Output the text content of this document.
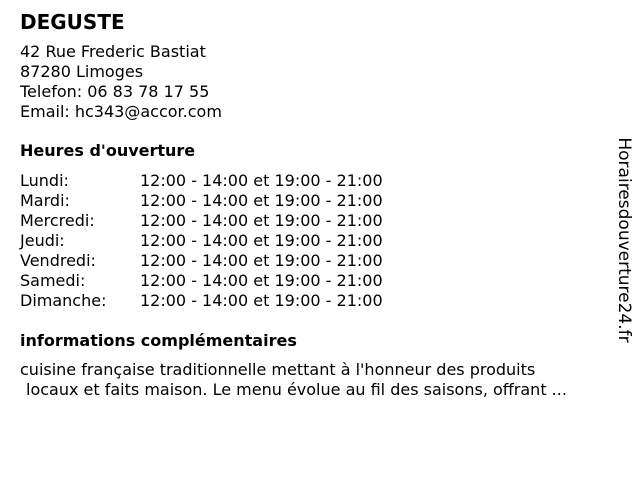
DEGUSTE
42 Rue Frederic Bastiat
87280 Limoges
Telefon: 06 83 78 17 55
Email: hc343@accor.com
Heures d'ouverture
Lundi:	12:00 - 14:00 et 19:00 - 21:00
Mardi:	12:00 - 14:00 et 19:00 - 21:00
Mercredi:	12:00 - 14:00 et 19:00 - 21:00
Jeudi:	12:00 - 14:00 et 19:00 - 21:00
Vendredi:	12:00 - 14:00 et 19:00 - 21:00
Samedi:	12:00 - 14:00 et 19:00 - 21:00
Dimanche:	12:00 - 14:00 et 19:00 - 21:00
informations complémentaires
cuisine française traditionnelle mettant à l'honneur des produits
locaux et faits maison. Le menu évolue au fil des saisons, offrant ...
Horairesdouverture24.fr
